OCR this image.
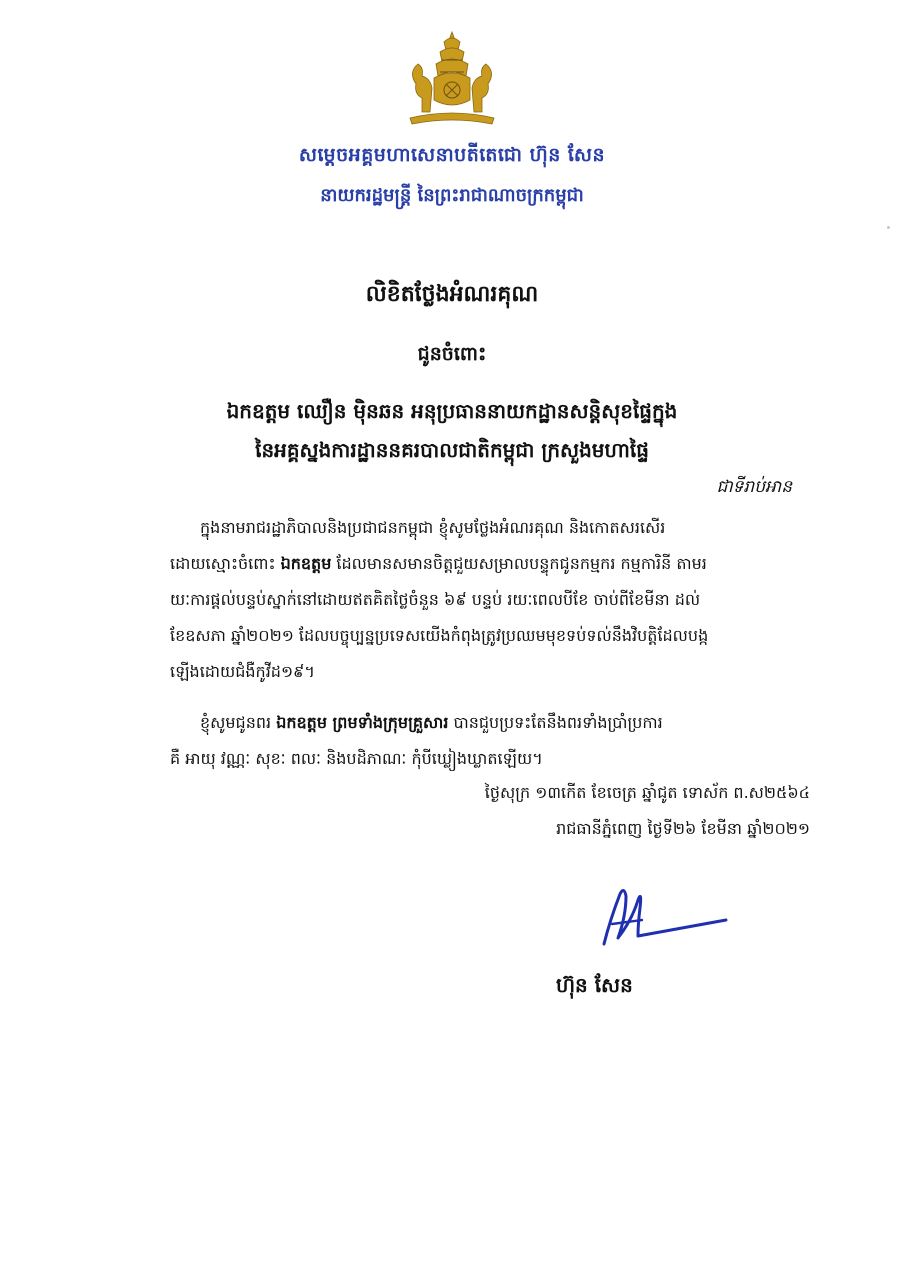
សម្តេចអគ្គមហាសេនាបតីតេជោ ហ៊ុន សែន
នាយករដ្ឋមន្ត្រី នៃព្រះរាជាណាចក្រកម្ពុជា
លិខិតថ្លែងអំណរគុណ
ជូនចំពោះ
ឯកឧត្តម ឈឿន ម៉ិនឆន អនុប្រធាននាយកដ្ឋានសន្តិសុខផ្ទៃក្នុង
នៃអគ្គស្នងការដ្ឋាននគរបាលជាតិកម្ពុជា ក្រសួងមហាផ្ទៃ
ជាទីរាប់អាន
ក្នុងនាមរាជរដ្ឋាភិបាលនិងប្រជាជនកម្ពុជា ខ្ញុំសូមថ្លែងអំណរគុណ និងកោតសរសើរ
ដោយស្មោះចំពោះ ឯកឧត្តម ដែលមានសមានចិត្តជួយសម្រាលបន្ទុកជូនកម្មករ កម្មការិនី តាមរ
យៈការផ្តល់បន្ទប់ស្នាក់នៅដោយឥតគិតថ្លៃចំនួន ៦៩ បន្ទប់ រយៈពេលបីខែ ចាប់ពីខែមីនា ដល់
ខែឧសភា ឆ្នាំ២០២១ ដែលបច្ចុប្បន្នប្រទេសយើងកំពុងត្រូវប្រឈមមុខទប់ទល់នឹងវិបត្តិដែលបង្ក
ឡើងដោយជំងឺកូវីដ១៩។
ខ្ញុំសូមជូនពរ ឯកឧត្តម ព្រមទាំងក្រុមគ្រួសារ បានជួបប្រទះតែនឹងពរទាំងប្រាំប្រការ
គឺ អាយុ វណ្ណៈ សុខៈ ពលៈ និងបដិភាណៈ កុំបីឃ្លៀងឃ្លាតឡើយ។
ថ្ងៃសុក្រ ១៣កើត ខែចេត្រ ឆ្នាំជូត ទោស័ក ព.ស២៥៦៤
រាជធានីភ្នំពេញ ថ្ងៃទី២៦ ខែមីនា ឆ្នាំ២០២១
ហ៊ុន សែន
